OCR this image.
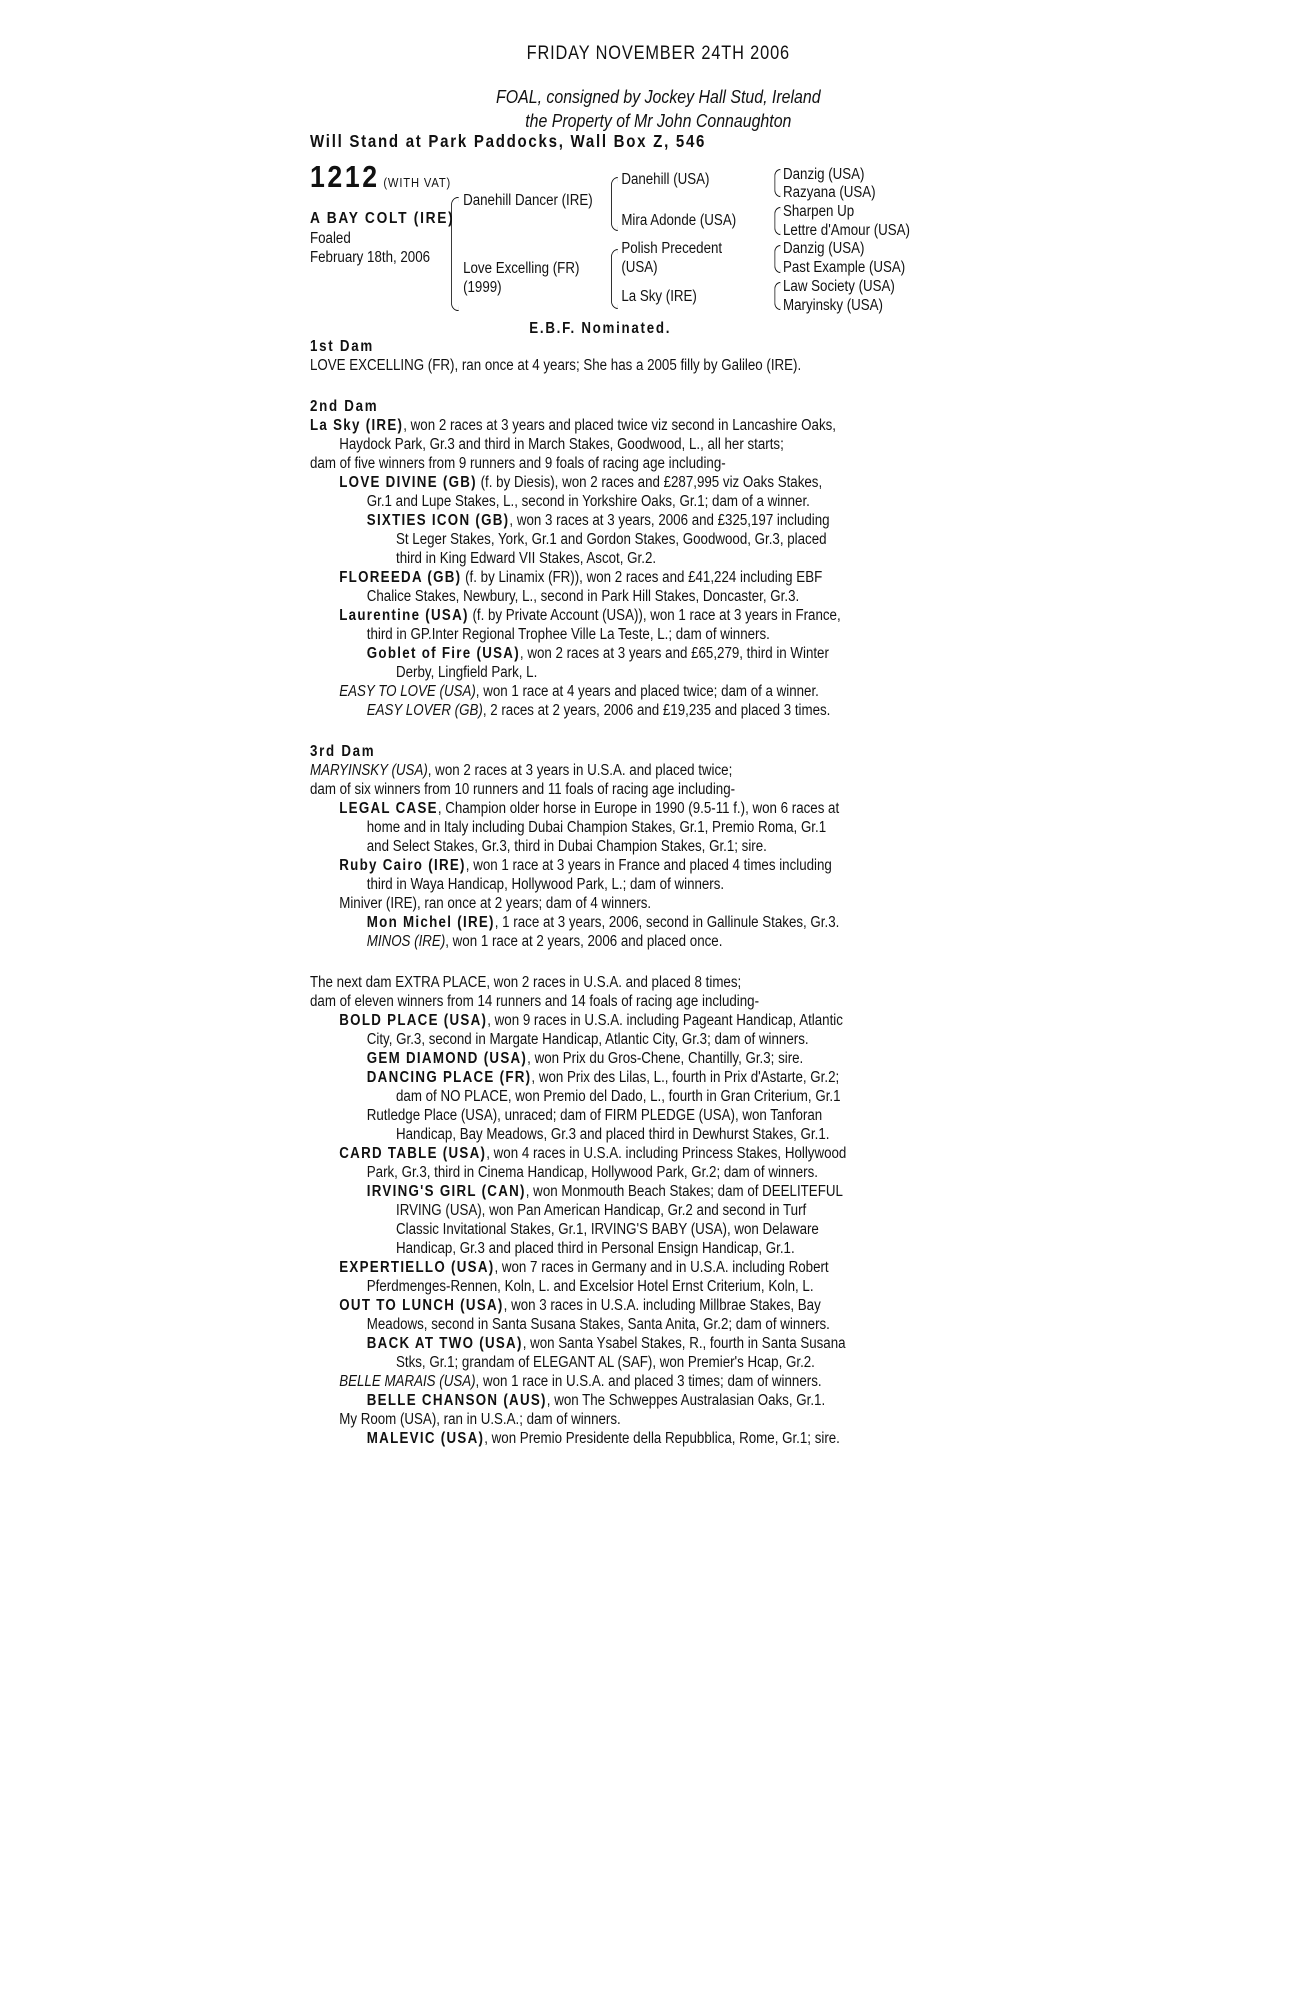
FRIDAY NOVEMBER 24TH 2006
FOAL, consigned by Jockey Hall Stud, Ireland
the Property of Mr John Connaughton
Will Stand at Park Paddocks, Wall Box Z, 546
1212 (WITH VAT)
A BAY COLT (IRE)
Foaled
February 18th, 2006
Danehill Dancer (IRE)
Love Excelling (FR)
(1999)
Danehill (USA)
Mira Adonde (USA)
Polish Precedent
(USA)
La Sky (IRE)
Danzig (USA)
Razyana (USA)
Sharpen Up
Lettre d'Amour (USA)
Danzig (USA)
Past Example (USA)
Law Society (USA)
Maryinsky (USA)
E.B.F. Nominated.
1st Dam
LOVE EXCELLING (FR), ran once at 4 years; She has a 2005 filly by Galileo (IRE).
2nd Dam

La Sky (IRE), won 2 races at 3 years and placed twice viz second in Lancashire Oaks,

Haydock Park, Gr.3 and third in March Stakes, Goodwood, L., all her starts;

dam of five winners from 9 runners and 9 foals of racing age including-

LOVE DIVINE (GB) (f. by Diesis), won 2 races and £287,995 viz Oaks Stakes,

Gr.1 and Lupe Stakes, L., second in Yorkshire Oaks, Gr.1; dam of a winner.

SIXTIES ICON (GB), won 3 races at 3 years, 2006 and £325,197 including

St Leger Stakes, York, Gr.1 and Gordon Stakes, Goodwood, Gr.3, placed

third in King Edward VII Stakes, Ascot, Gr.2.

FLOREEDA (GB) (f. by Linamix (FR)), won 2 races and £41,224 including EBF

Chalice Stakes, Newbury, L., second in Park Hill Stakes, Doncaster, Gr.3.

Laurentine (USA) (f. by Private Account (USA)), won 1 race at 3 years in France,

third in GP.Inter Regional Trophee Ville La Teste, L.; dam of winners.

Goblet of Fire (USA), won 2 races at 3 years and £65,279, third in Winter

Derby, Lingfield Park, L.

EASY TO LOVE (USA), won 1 race at 4 years and placed twice; dam of a winner.

EASY LOVER (GB), 2 races at 2 years, 2006 and £19,235 and placed 3 times.

3rd Dam

MARYINSKY (USA), won 2 races at 3 years in U.S.A. and placed twice;

dam of six winners from 10 runners and 11 foals of racing age including-

LEGAL CASE, Champion older horse in Europe in 1990 (9.5-11 f.), won 6 races at

home and in Italy including Dubai Champion Stakes, Gr.1, Premio Roma, Gr.1

and Select Stakes, Gr.3, third in Dubai Champion Stakes, Gr.1; sire.

Ruby Cairo (IRE), won 1 race at 3 years in France and placed 4 times including

third in Waya Handicap, Hollywood Park, L.; dam of winners.

Miniver (IRE), ran once at 2 years; dam of 4 winners.

Mon Michel (IRE), 1 race at 3 years, 2006, second in Gallinule Stakes, Gr.3.

MINOS (IRE), won 1 race at 2 years, 2006 and placed once.

The next dam EXTRA PLACE, won 2 races in U.S.A. and placed 8 times;

dam of eleven winners from 14 runners and 14 foals of racing age including-

BOLD PLACE (USA), won 9 races in U.S.A. including Pageant Handicap, Atlantic

City, Gr.3, second in Margate Handicap, Atlantic City, Gr.3; dam of winners.

GEM DIAMOND (USA), won Prix du Gros-Chene, Chantilly, Gr.3; sire.

DANCING PLACE (FR), won Prix des Lilas, L., fourth in Prix d'Astarte, Gr.2;

dam of NO PLACE, won Premio del Dado, L., fourth in Gran Criterium, Gr.1

Rutledge Place (USA), unraced; dam of FIRM PLEDGE (USA), won Tanforan

Handicap, Bay Meadows, Gr.3 and placed third in Dewhurst Stakes, Gr.1.

CARD TABLE (USA), won 4 races in U.S.A. including Princess Stakes, Hollywood

Park, Gr.3, third in Cinema Handicap, Hollywood Park, Gr.2; dam of winners.

IRVING'S GIRL (CAN), won Monmouth Beach Stakes; dam of DEELITEFUL

IRVING (USA), won Pan American Handicap, Gr.2 and second in Turf

Classic Invitational Stakes, Gr.1, IRVING'S BABY (USA), won Delaware

Handicap, Gr.3 and placed third in Personal Ensign Handicap, Gr.1.

EXPERTIELLO (USA), won 7 races in Germany and in U.S.A. including Robert

Pferdmenges-Rennen, Koln, L. and Excelsior Hotel Ernst Criterium, Koln, L.

OUT TO LUNCH (USA), won 3 races in U.S.A. including Millbrae Stakes, Bay

Meadows, second in Santa Susana Stakes, Santa Anita, Gr.2; dam of winners.

BACK AT TWO (USA), won Santa Ysabel Stakes, R., fourth in Santa Susana

Stks, Gr.1; grandam of ELEGANT AL (SAF), won Premier's Hcap, Gr.2.

BELLE MARAIS (USA), won 1 race in U.S.A. and placed 3 times; dam of winners.

BELLE CHANSON (AUS), won The Schweppes Australasian Oaks, Gr.1.

My Room (USA), ran in U.S.A.; dam of winners.

MALEVIC (USA), won Premio Presidente della Repubblica, Rome, Gr.1; sire.
